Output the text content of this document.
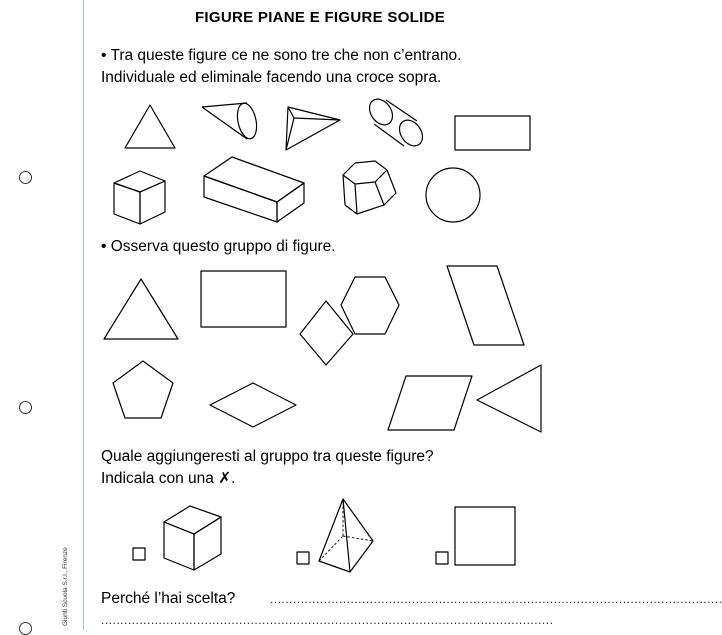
Giunti Scuola S.r.l., Firenze
FIGURE PIANE E FIGURE SOLIDE
• Tra queste figure ce ne sono tre che non c’entrano.
Individuale ed eliminale facendo una croce sopra.
• Osserva questo gruppo di figure.
Quale aggiungeresti al gruppo tra queste figure?
Indicala con una ✗.
Perché l’hai scelta?	......................................................................................................................
......................................................................................................................
